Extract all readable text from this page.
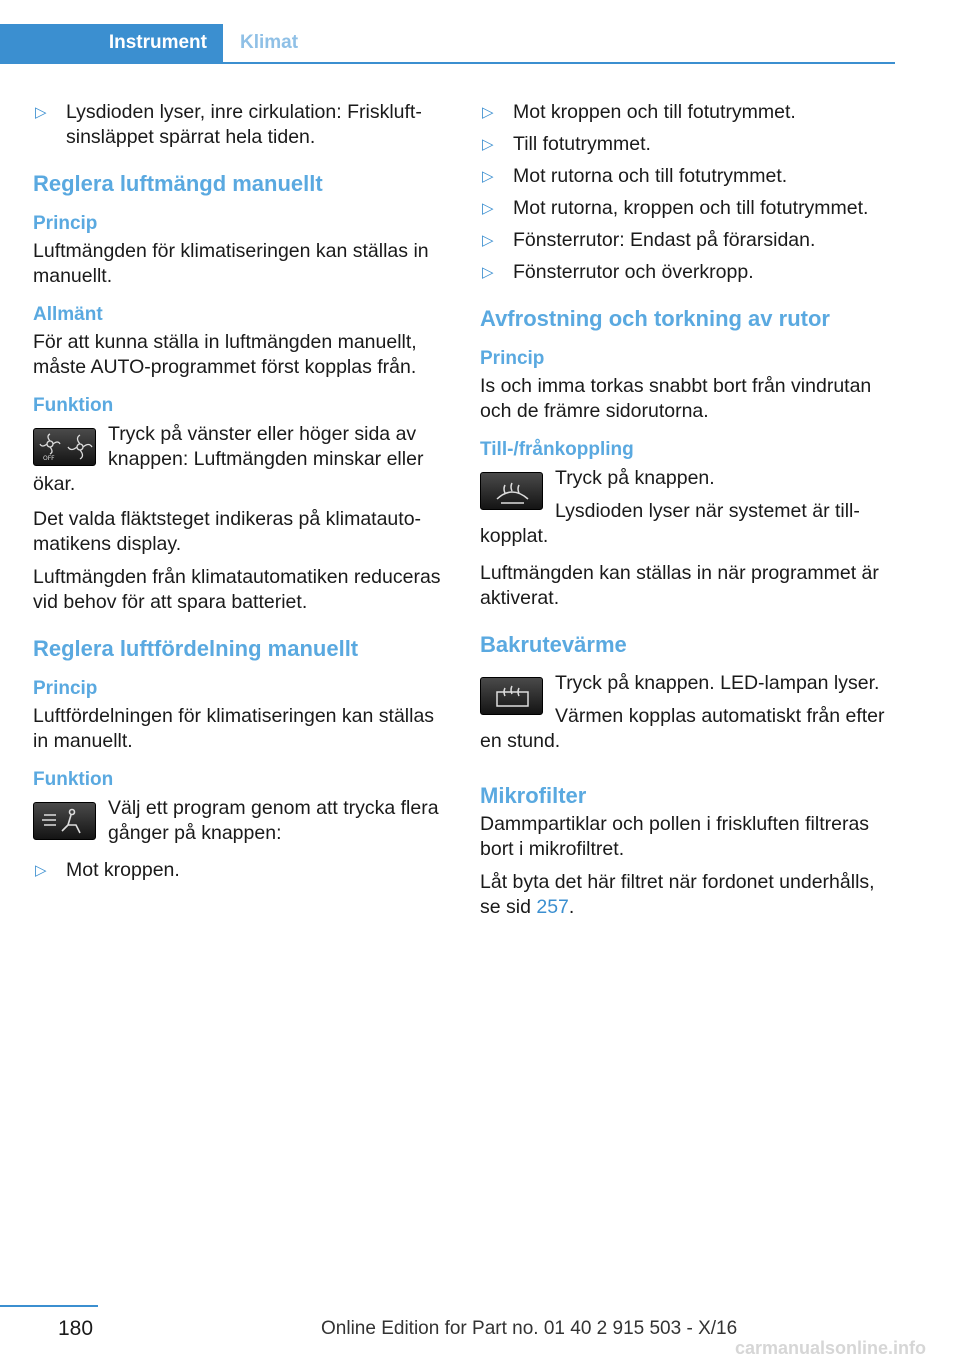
Instrument	Klimat
▷ Lysdioden lyser, inre cirkulation: Friskluftsinsläppet spärrat hela tiden.
Reglera luftmängd manuellt
Princip

Luftmängden för klimatiseringen kan ställas in manuellt.

Allmänt

För att kunna ställa in luftmängden manuellt, måste AUTO-programmet först kopplas från.

Funktion
OFF
Tryck på vänster eller höger sida av knappen: Luftmängden minskar eller ökar.

Det valda fläktsteget indikeras på klimatautomatikens display.

Luftmängden från klimatautomatiken reduceras vid behov för att spara batteriet.

Reglera luftfördelning manuellt
Princip

Luftfördelningen för klimatiseringen kan ställas in manuellt.

Funktion
Välj ett program genom att trycka flera gånger på knappen:
▷ Mot kroppen.
▷ Mot kroppen och till fotutrymmet.
▷ Till fotutrymmet.
▷ Mot rutorna och till fotutrymmet.
▷ Mot rutorna, kroppen och till fotutrymmet.
▷ Fönsterrutor: Endast på förarsidan.
▷ Fönsterrutor och överkropp.
Avfrostning och torkning av rutor
Princip

Is och imma torkas snabbt bort från vindrutan och de främre sidorutorna.

Till-/frånkoppling

Tryck på knappen.

Lysdioden lyser när systemet är tillkopplat.

Luftmängden kan ställas in när programmet är aktiverat.

Bakrutevärme

Tryck på knappen. LED-lampan lyser.

Värmen kopplas automatiskt från efter en stund.
Mikrofilter

Dammpartiklar och pollen i friskluften filtreras bort i mikrofiltret.

Låt byta det här filtret när fordonet underhålls, se sid 257.

180	Online Edition for Part no. 01 40 2 915 503 - X/16
carmanualsonline.info
